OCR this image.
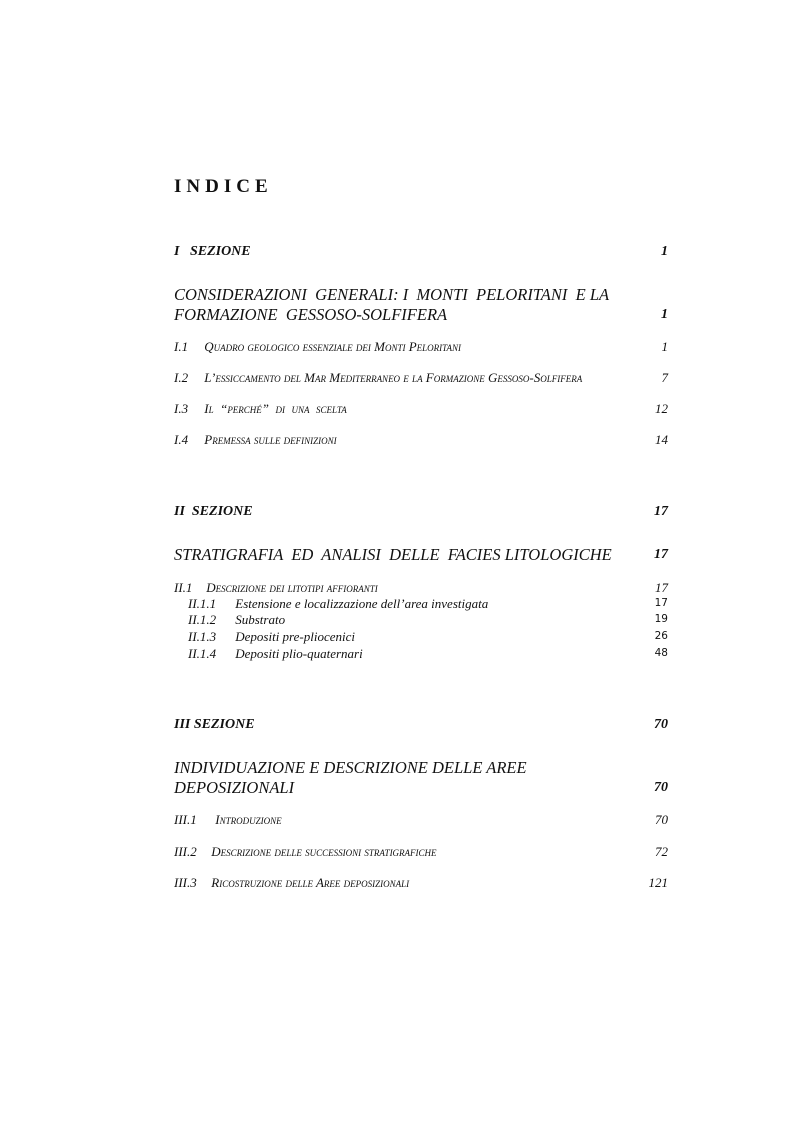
INDICE
I   SEZIONE	1
CONSIDERAZIONI  GENERALI: I  MONTI  PELORITANI  E LA
FORMAZIONE  GESSOSO-SOLFIFERA	1
I.1 Quadro geologico essenziale dei Monti Peloritani	1
I.2 L’essiccamento del Mar Mediterraneo e la Formazione Gessoso-Solfifera	7
I.3 Il  “perché”  di  una  scelta	12
I.4 Premessa sulle definizioni	14
II  SEZIONE	17
STRATIGRAFIA  ED  ANALISI  DELLE  FACIES LITOLOGICHE	17
II.1 Descrizione dei litotipi affioranti	17
II.1.1 Estensione e localizzazione dell’area investigata	17
II.1.2 Substrato	19
II.1.3 Depositi pre-pliocenici	26
II.1.4 Depositi plio-quaternari	48
III SEZIONE	70
INDIVIDUAZIONE E DESCRIZIONE DELLE AREE
DEPOSIZIONALI	70
III.1 Introduzione	70
III.2 Descrizione delle successioni stratigrafiche	72
III.3 Ricostruzione delle Aree deposizionali	121
